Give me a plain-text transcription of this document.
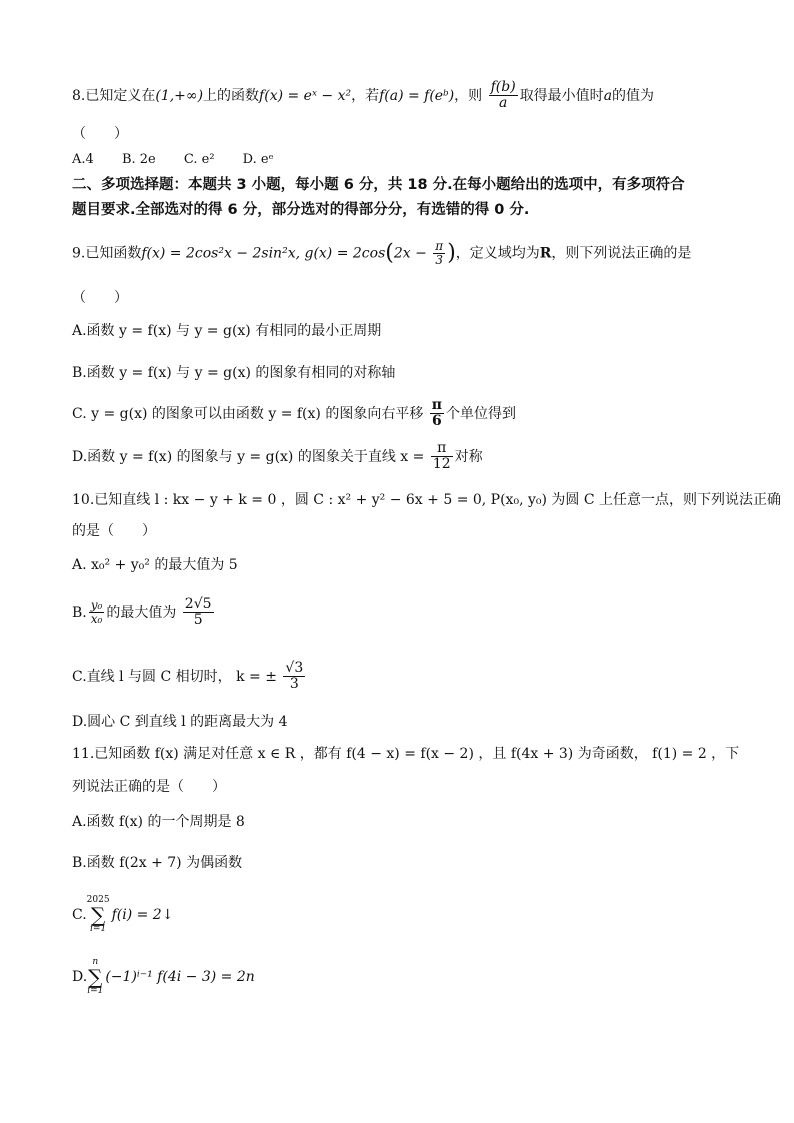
8.已知定义在(1,+∞)上的函数f(x) = eˣ − x²，若f(a) = f(eᵇ)，则 $\frac{f(b)}{a}$ 取得最小值时a的值为
（　　）
A.4 B. 2e C. e² D. eᵉ
二、多项选择题：本题共 3 小题，每小题 6 分，共 18 分.在每小题给出的选项中，有多项符合
题目要求.全部选对的得 6 分，部分选对的得部分分，有选错的得 0 分.
9.已知函数f(x) = 2cos²x − 2sin²x, $g(x) = 2\cos(2x - \frac{\pi}{3}$ )，定义域均为R，则下列说法正确的是
（　　）
A.函数 y = f(x) 与 y = g(x) 有相同的最小正周期
B.函数 y = f(x) 与 y = g(x) 的图象有相同的对称轴
C. y = g(x) 的图象可以由函数 y = f(x) 的图象向右平移 $\frac{\pi}{6}$ 个单位得到
D.函数 y = f(x) 的图象与 y = g(x) 的图象关于直线 $x = \frac{\pi}{12}$ 对称
10.已知直线 l : kx − y + k = 0 ，圆 C : x² + y² − 6x + 5 = 0, P(x₀, y₀) 为圆 C 上任意一点，则下列说法正确
的是（　　）
A. x₀² + y₀² 的最大值为 5
B. $\frac{\text{y₀}}{\text{x₀}}$ 的最大值为 $\frac{2√5}{5}$
C.直线 l 与圆 C 相切时， k = ± $\frac{√3}{3}$
D.圆心 C 到直线 l 的距离最大为 4
11.已知函数 f(x) 满足对任意 x ∈ R ，都有 f(4 − x) = f(x − 2) ，且 f(4x + 3) 为奇函数， f(1) = 2 ，下
列说法正确的是（　　）
A.函数 f(x) 的一个周期是 8
B.函数 f(2x + 7) 为偶函数
C.
2025
∑
i=1
f(i) = 2↓
D.
n
∑
i=1
(−1)ⁱ⁻¹ f(4i − 3) = 2n
